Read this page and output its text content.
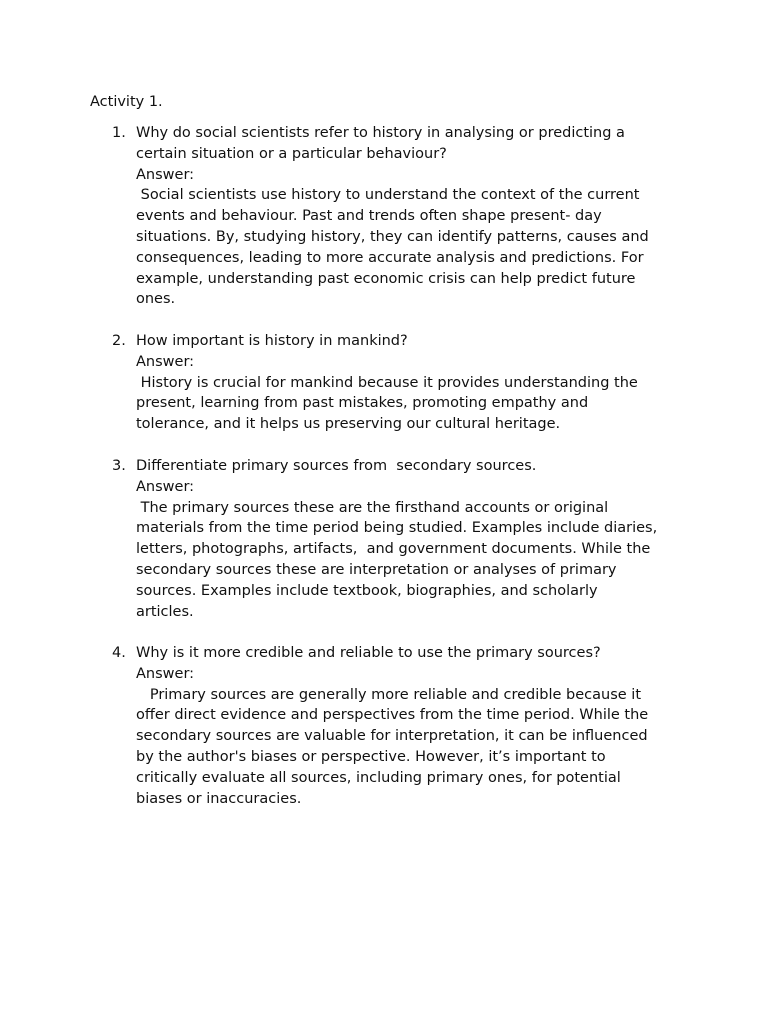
Activity 1.
1. Why do social scientists refer to history in analysing or predicting a
certain situation or a particular behaviour?
Answer:
Social scientists use history to understand the context of the current
events and behaviour. Past and trends often shape present- day
situations. By, studying history, they can identify patterns, causes and
consequences, leading to more accurate analysis and predictions. For
example, understanding past economic crisis can help predict future
ones.
2. How important is history in mankind?
Answer:
History is crucial for mankind because it provides understanding the
present, learning from past mistakes, promoting empathy and
tolerance, and it helps us preserving our cultural heritage.
3. Differentiate primary sources from  secondary sources.
Answer:
The primary sources these are the firsthand accounts or original
materials from the time period being studied. Examples include diaries,
letters, photographs, artifacts,  and government documents. While the
secondary sources these are interpretation or analyses of primary
sources. Examples include textbook, biographies, and scholarly
articles.
4. Why is it more credible and reliable to use the primary sources?
Answer:
Primary sources are generally more reliable and credible because it
offer direct evidence and perspectives from the time period. While the
secondary sources are valuable for interpretation, it can be influenced
by the author's biases or perspective. However, it’s important to
critically evaluate all sources, including primary ones, for potential
biases or inaccuracies.
